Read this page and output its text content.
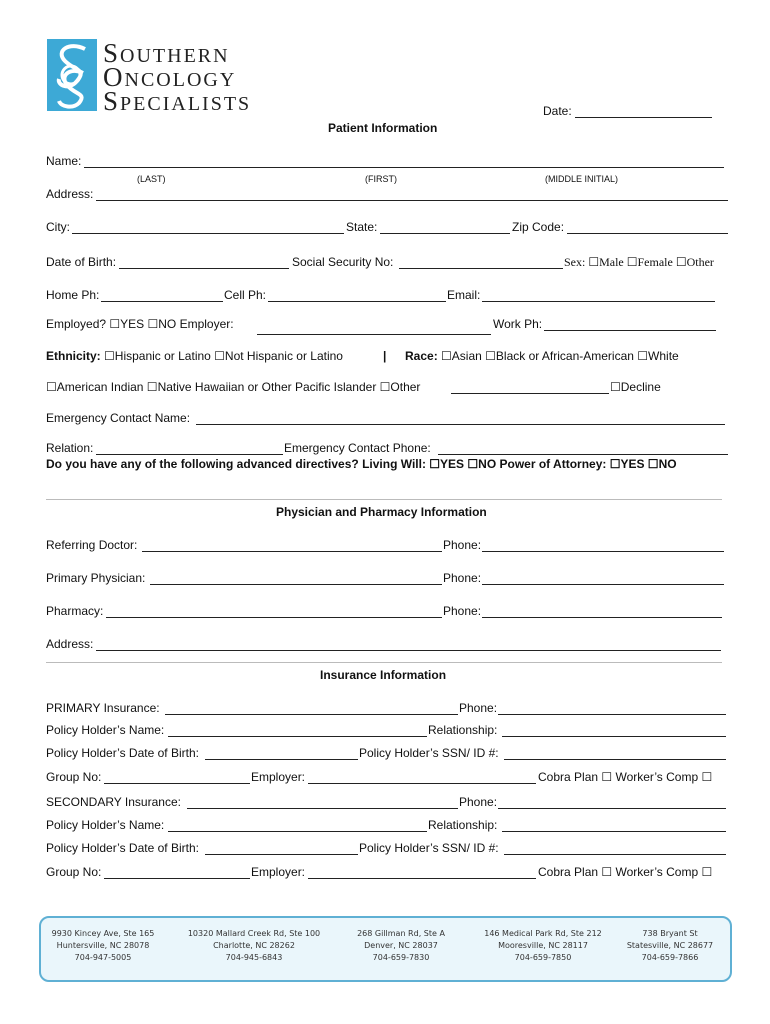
SOUTHERN
ONCOLOGY
SPECIALISTS	Date:
Patient Information
Name:
(LAST)	(FIRST)	(MIDDLE INITIAL)
Address:
City:	State:	Zip Code:
Date of Birth:	Social Security No:	Sex: ☐Male ☐Female ☐Other
Home Ph:	Cell Ph:	Email:
Employed? ☐YES ☐NO Employer:	Work Ph:
Ethnicity: ☐Hispanic or Latino ☐Not Hispanic or Latino	| Race: ☐Asian ☐Black or African-American ☐White
☐American Indian ☐Native Hawaiian or Other Pacific Islander ☐Other	☐Decline
Emergency Contact Name:
Relation:	Emergency Contact Phone:
Do you have any of the following advanced directives? Living Will: ☐YES ☐NO Power of Attorney: ☐YES ☐NO
Physician and Pharmacy Information
Referring Doctor:	Phone:
Primary Physician:	Phone:
Pharmacy:	Phone:
Address:
Insurance Information
PRIMARY Insurance:	Phone:
Policy Holder’s Name:	Relationship:
Policy Holder’s Date of Birth:	Policy Holder’s SSN/ ID #:
Group No:	Employer:	Cobra Plan ☐ Worker’s Comp ☐
SECONDARY Insurance:	Phone:
Policy Holder’s Name:	Relationship:
Policy Holder’s Date of Birth:	Policy Holder’s SSN/ ID #:
Group No:	Employer:	Cobra Plan ☐ Worker’s Comp ☐
9930 Kincey Ave, Ste 165
Huntersville, NC 28078
704-947-5005
10320 Mallard Creek Rd, Ste 100
Charlotte, NC 28262
704-945-6843
268 Gillman Rd, Ste A
Denver, NC 28037
704-659-7830
146 Medical Park Rd, Ste 212
Mooresville, NC 28117
704-659-7850
738 Bryant St
Statesville, NC 28677
704-659-7866
